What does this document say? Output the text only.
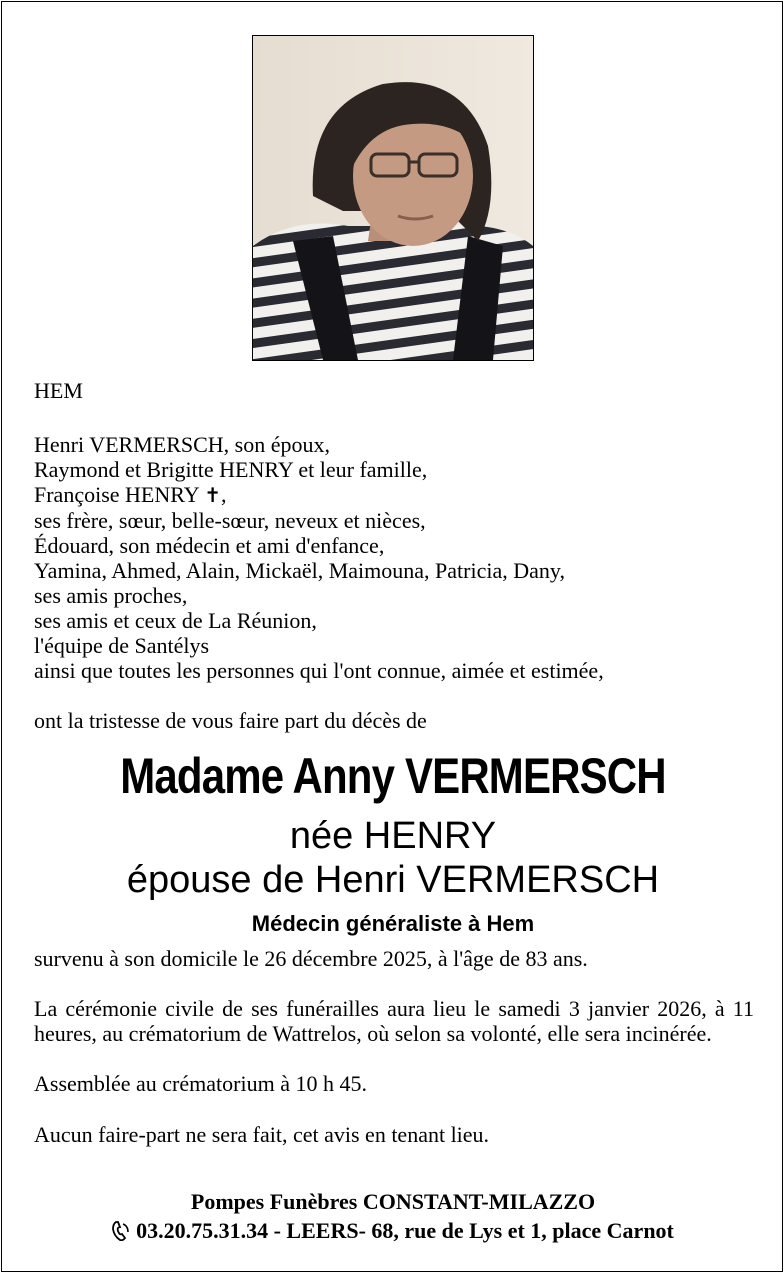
HEM
Henri VERMERSCH, son époux,
Raymond et Brigitte HENRY et leur famille,
Françoise HENRY ✝,
ses frère, sœur, belle-sœur, neveux et nièces,
Édouard, son médecin et ami d'enfance,
Yamina, Ahmed, Alain, Mickaël, Maimouna, Patricia, Dany,
ses amis proches,
ses amis et ceux de La Réunion,
l'équipe de Santélys
ainsi que toutes les personnes qui l'ont connue, aimée et estimée,
ont la tristesse de vous faire part du décès de
Madame Anny VERMERSCH
née HENRY
épouse de Henri VERMERSCH
Médecin généraliste à Hem
survenu à son domicile le 26 décembre 2025, à l'âge de 83 ans.

La cérémonie civile de ses funérailles aura lieu le samedi 3 janvier 2026, à 11 heures, au crématorium de Wattrelos, où selon sa volonté, elle sera incinérée.

Assemblée au crématorium à 10 h 45.
Aucun faire-part ne sera fait, cet avis en tenant lieu.
Pompes Funèbres CONSTANT-MILAZZO
03.20.75.31.34 - LEERS- 68, rue de Lys et 1, place Carnot
